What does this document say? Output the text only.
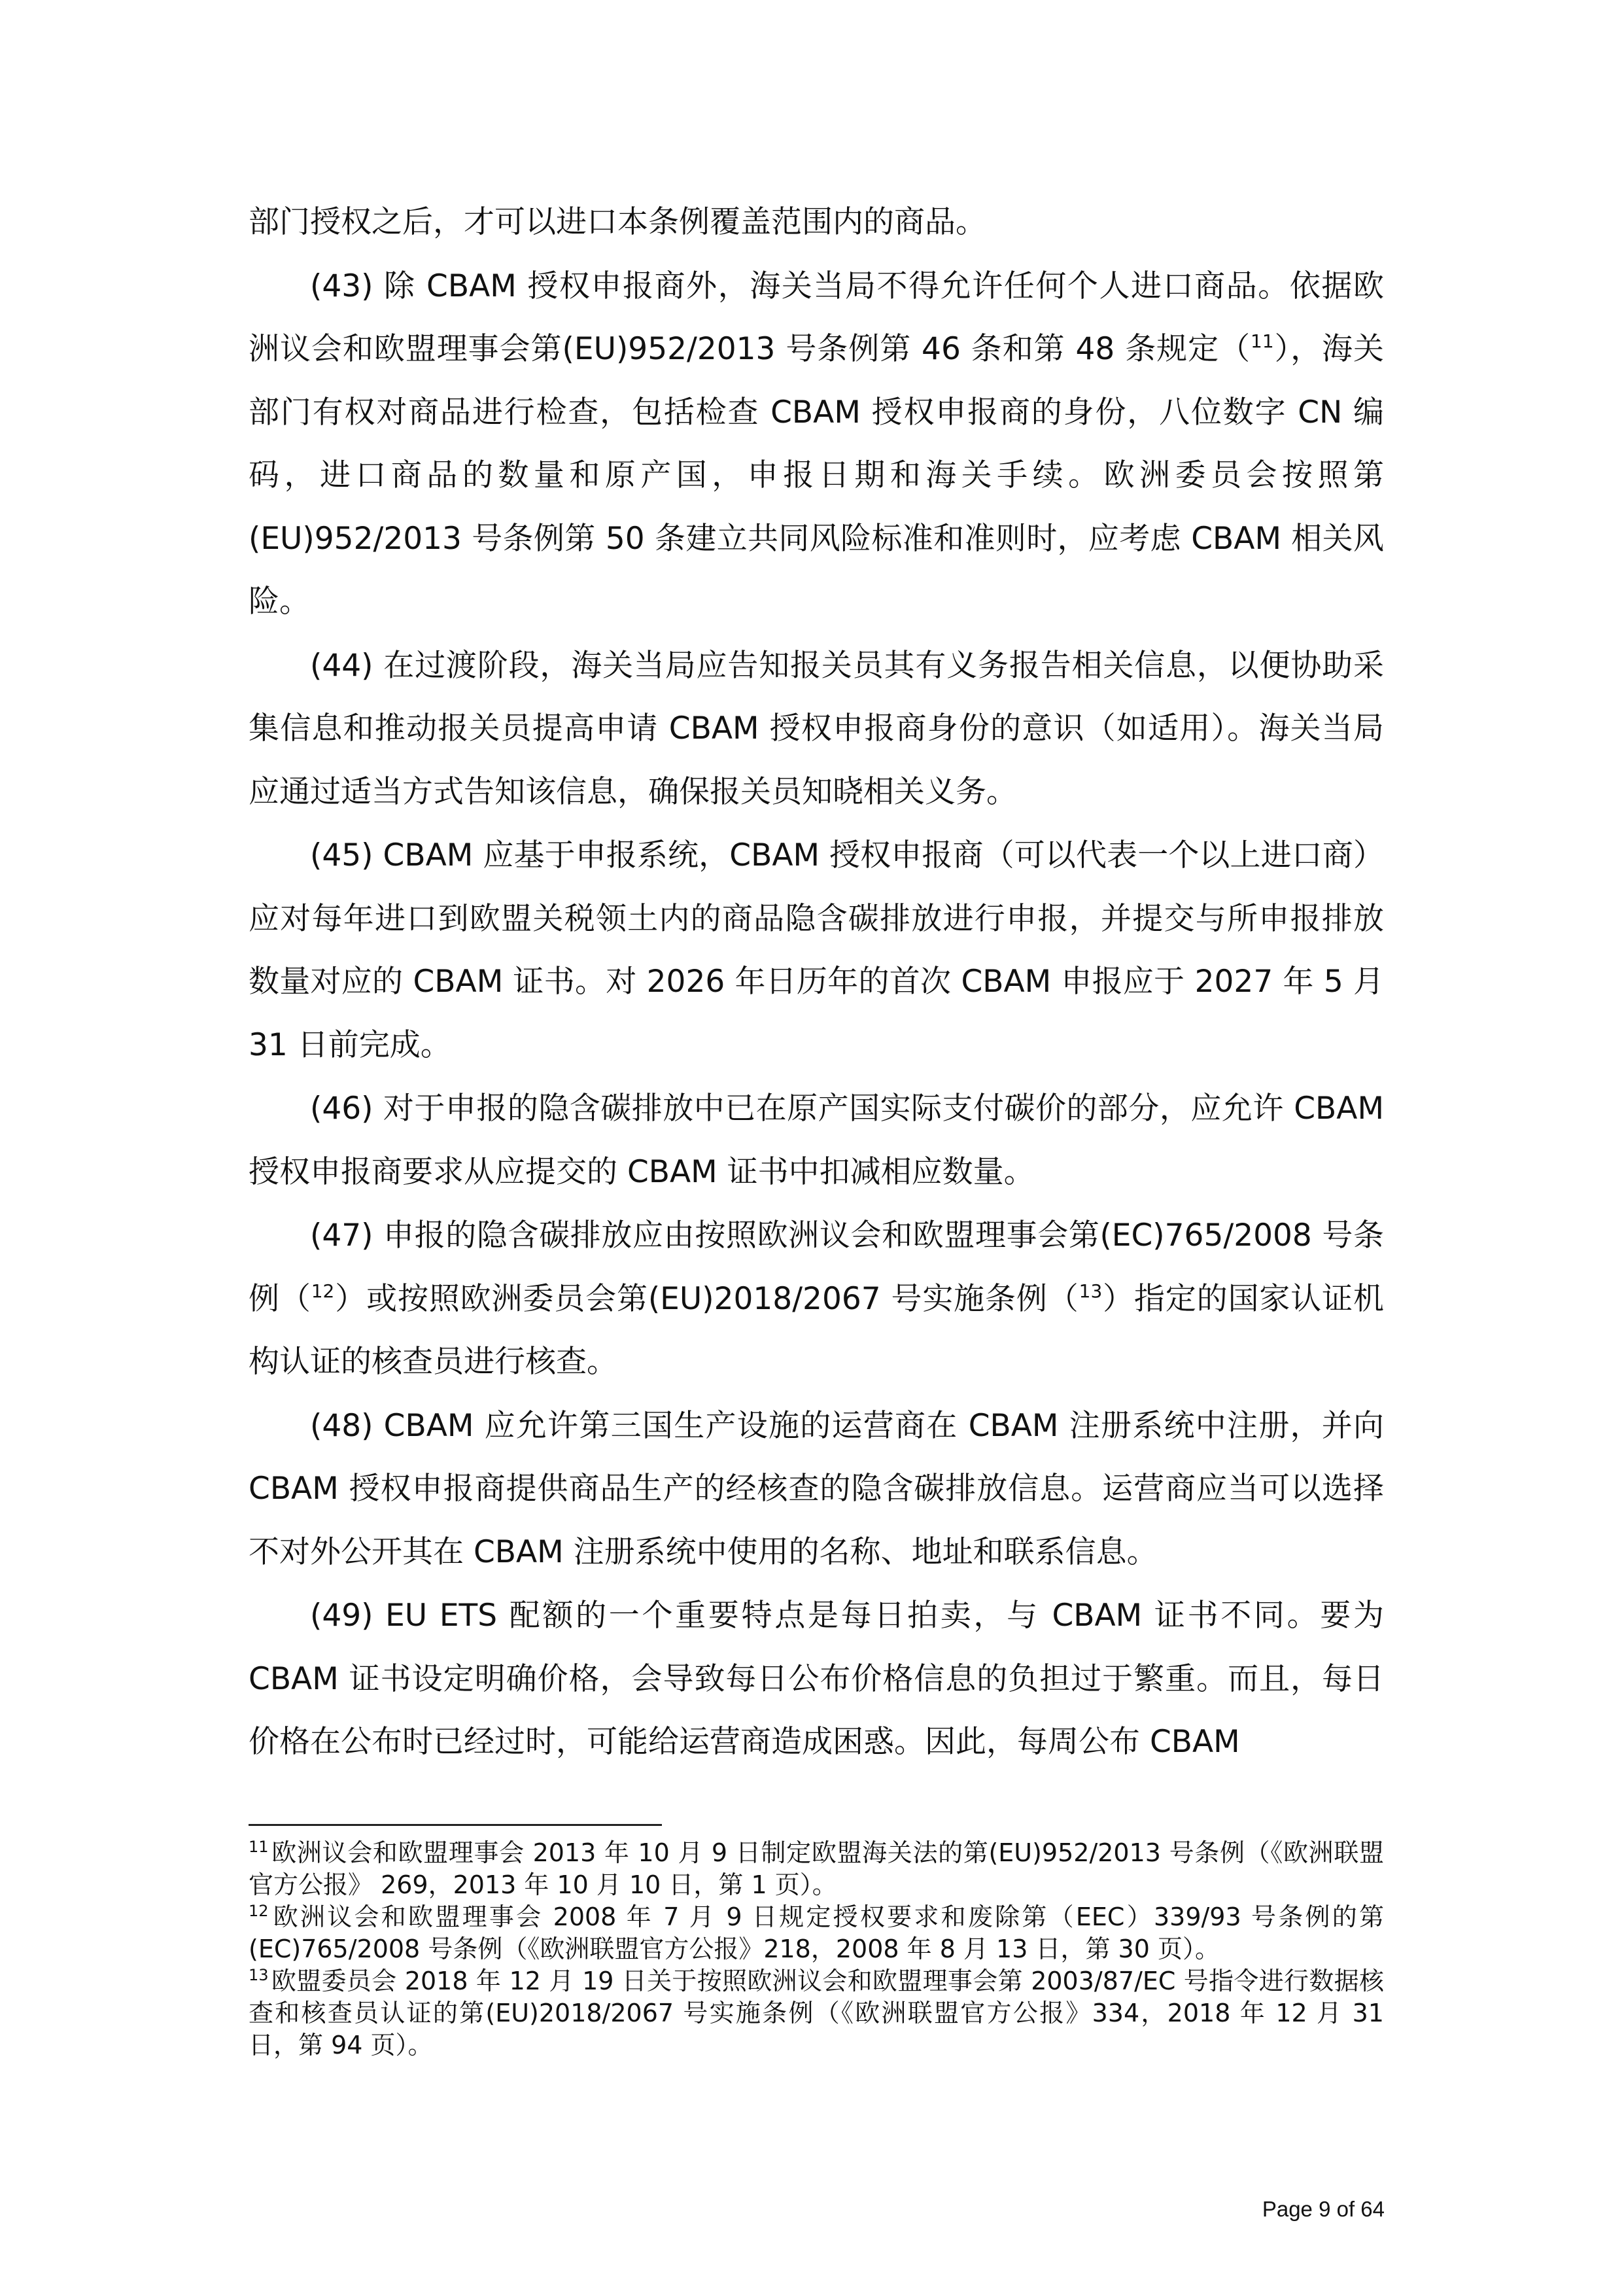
部门授权之后，才可以进口本条例覆盖范围内的商品。

(43) 除 CBAM 授权申报商外，海关当局不得允许任何个人进口商品。依据欧洲议会和欧盟理事会第(EU)952/2013 号条例第 46 条和第 48 条规定（$^{11}$），海关部门有权对商品进行检查，包括检查 CBAM 授权申报商的身份，八位数字 CN 编码，进口商品的数量和原产国，申报日期和海关手续。欧洲委员会按照第(EU)952/2013 号条例第 50 条建立共同风险标准和准则时，应考虑 CBAM 相关风险。

(44) 在过渡阶段，海关当局应告知报关员其有义务报告相关信息，以便协助采集信息和推动报关员提高申请 CBAM 授权申报商身份的意识（如适用）。海关当局应通过适当方式告知该信息，确保报关员知晓相关义务。

(45) CBAM 应基于申报系统，CBAM 授权申报商（可以代表一个以上进口商）应对每年进口到欧盟关税领土内的商品隐含碳排放进行申报，并提交与所申报排放数量对应的 CBAM 证书。对 2026 年日历年的首次 CBAM 申报应于 2027 年 5 月 31 日前完成。

(46) 对于申报的隐含碳排放中已在原产国实际支付碳价的部分，应允许 CBAM 授权申报商要求从应提交的 CBAM 证书中扣减相应数量。

(47) 申报的隐含碳排放应由按照欧洲议会和欧盟理事会第(EC)765/2008 号条例（$^{12}$）或按照欧洲委员会第(EU)2018/2067 号实施条例（$^{13}$）指定的国家认证机构认证的核查员进行核查。

(48) CBAM 应允许第三国生产设施的运营商在 CBAM 注册系统中注册，并向 CBAM 授权申报商提供商品生产的经核查的隐含碳排放信息。运营商应当可以选择不对外公开其在 CBAM 注册系统中使用的名称、地址和联系信息。

(49) EU ETS 配额的一个重要特点是每日拍卖，与 CBAM 证书不同。要为 CBAM 证书设定明确价格，会导致每日公布价格信息的负担过于繁重。而且，每日价格在公布时已经过时，可能给运营商造成困惑。因此，每周公布 CBAM

$^{11}$ 欧洲议会和欧盟理事会 2013 年 10 月 9 日制定欧盟海关法的第(EU)952/2013 号条例（《欧洲联盟官方公报》 269，2013 年 10 月 10 日，第 1 页）。

$^{12}$ 欧洲议会和欧盟理事会 2008 年 7 月 9 日规定授权要求和废除第（EEC）339/93 号条例的第(EC)765/2008 号条例（《欧洲联盟官方公报》218，2008 年 8 月 13 日，第 30 页）。

$^{13}$ 欧盟委员会 2018 年 12 月 19 日关于按照欧洲议会和欧盟理事会第 2003/87/EC 号指令进行数据核查和核查员认证的第(EU)2018/2067 号实施条例（《欧洲联盟官方公报》334，2018 年 12 月 31 日，第 94 页）。

Page 9 of 64
